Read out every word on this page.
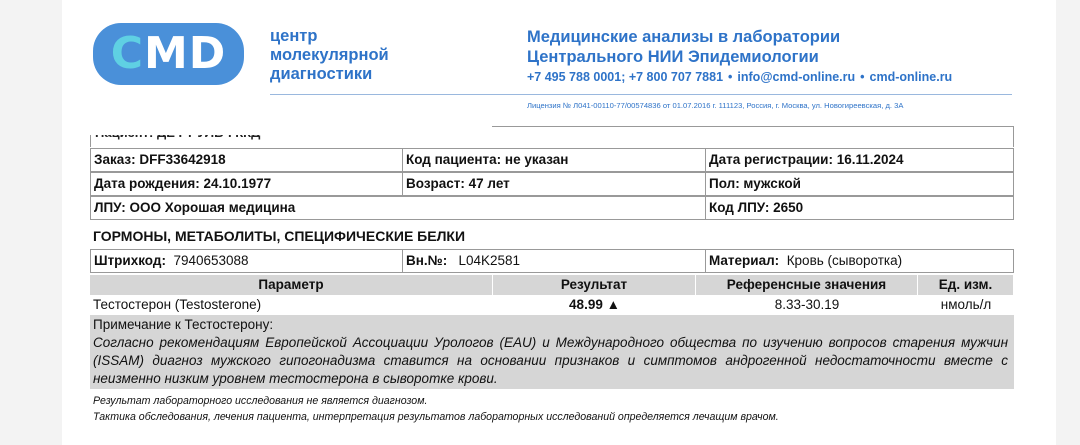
CMD	центр
молекулярной
диагностики
Медицинские анализы в лаборатории
Центрального НИИ Эпидемиологии
+7 495 788 0001; +7 800 707 7881 • info@cmd-online.ru • cmd-online.ru
Лицензия № Л041-00110-77/00574836 от 01.07.2016 г. 111123, Россия, г. Москва, ул. Новогиреевская, д. 3А
Заказ: DFF33642918	Код пациента: не указан	Дата регистрации: 16.11.2024
Дата рождения: 24.10.1977	Возраст: 47 лет	Пол: мужской
ЛПУ: ООО Хорошая медицина	Код ЛПУ: 2650
ГОРМОНЫ, МЕТАБОЛИТЫ, СПЕЦИФИЧЕСКИЕ БЕЛКИ
Штрихкод: 7940653088	Вн.№: L04K2581	Материал: Кровь (сыворотка)
Параметр	Результат	Референсные значения	Ед. изм.
Тестостерон (Testosterone)	48.99 ▲	8.33-30.19	нмоль/л
Примечание к Тестостерону:
Согласно рекомендациям Европейской Ассоциации Урологов (EAU) и Международного общества по изучению вопросов старения мужчин (ISSAM) диагноз мужского гипогонадизма ставится на основании признаков и симптомов андрогенной недостаточности вместе с неизменно низким уровнем тестостерона в сыворотке крови.
Результат лабораторного исследования не является диагнозом.
Тактика обследования, лечения пациента, интерпретация результатов лабораторных исследований определяется лечащим врачом.
